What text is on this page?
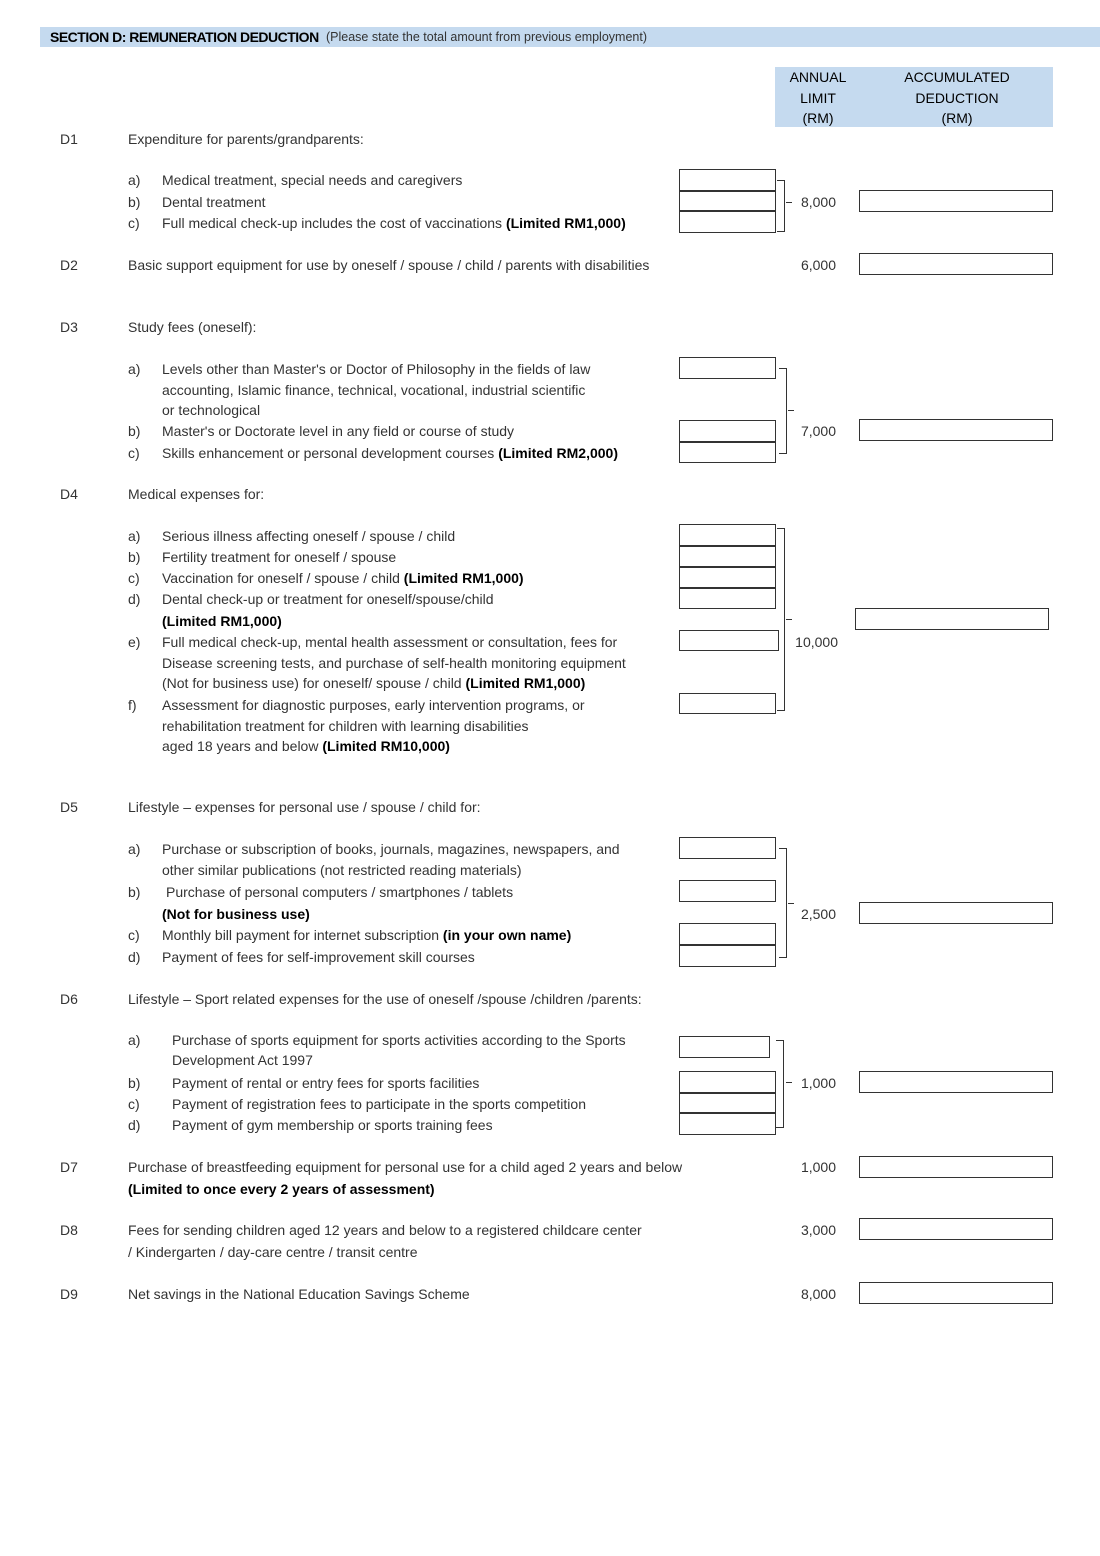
SECTION D: REMUNERATION DEDUCTION (Please state the total amount from previous employment)
ANNUAL
LIMIT
(RM)
ACCUMULATED
DEDUCTION
(RM)
D1	Expenditure for parents/grandparents:
a) Medical treatment, special needs and caregivers
b) Dental treatment
c) Full medical check-up includes the cost of vaccinations (Limited RM1,000)
8,000
D2	Basic support equipment for use by oneself / spouse / child / parents with disabilities	6,000
D3	Study fees (oneself):
a) Levels other than Master's or Doctor of Philosophy in the fields of law
accounting, Islamic finance, technical, vocational, industrial scientific
or technological
b) Master's or Doctorate level in any field or course of study
c) Skills enhancement or personal development courses (Limited RM2,000)
7,000
D4	Medical expenses for:
a) Serious illness affecting oneself / spouse / child
b) Fertility treatment for oneself / spouse
c) Vaccination for oneself / spouse / child (Limited RM1,000)
d) Dental check-up or treatment for oneself/spouse/child
(Limited RM1,000)
e) Full medical check-up, mental health assessment or consultation, fees for
Disease screening tests, and purchase of self-health monitoring equipment
(Not for business use) for oneself/ spouse / child (Limited RM1,000)
f) Assessment for diagnostic purposes, early intervention programs, or
rehabilitation treatment for children with learning disabilities
aged 18 years and below (Limited RM10,000)
10,000
D5	Lifestyle – expenses for personal use / spouse / child for:
a) Purchase or subscription of books, journals, magazines, newspapers, and
other similar publications (not restricted reading materials)
b) Purchase of personal computers / smartphones / tablets
(Not for business use)
c) Monthly bill payment for internet subscription (in your own name)
d) Payment of fees for self-improvement skill courses
2,500
D6	Lifestyle – Sport related expenses for the use of oneself /spouse /children /parents:
a) Purchase of sports equipment for sports activities according to the Sports
Development Act 1997
b) Payment of rental or entry fees for sports facilities
c) Payment of registration fees to participate in the sports competition
d) Payment of gym membership or sports training fees
1,000
D7	Purchase of breastfeeding equipment for personal use for a child aged 2 years and below
(Limited to once every 2 years of assessment)
1,000
D8	Fees for sending children aged 12 years and below to a registered childcare center
/ Kindergarten / day-care centre / transit centre
3,000
D9	Net savings in the National Education Savings Scheme	8,000
